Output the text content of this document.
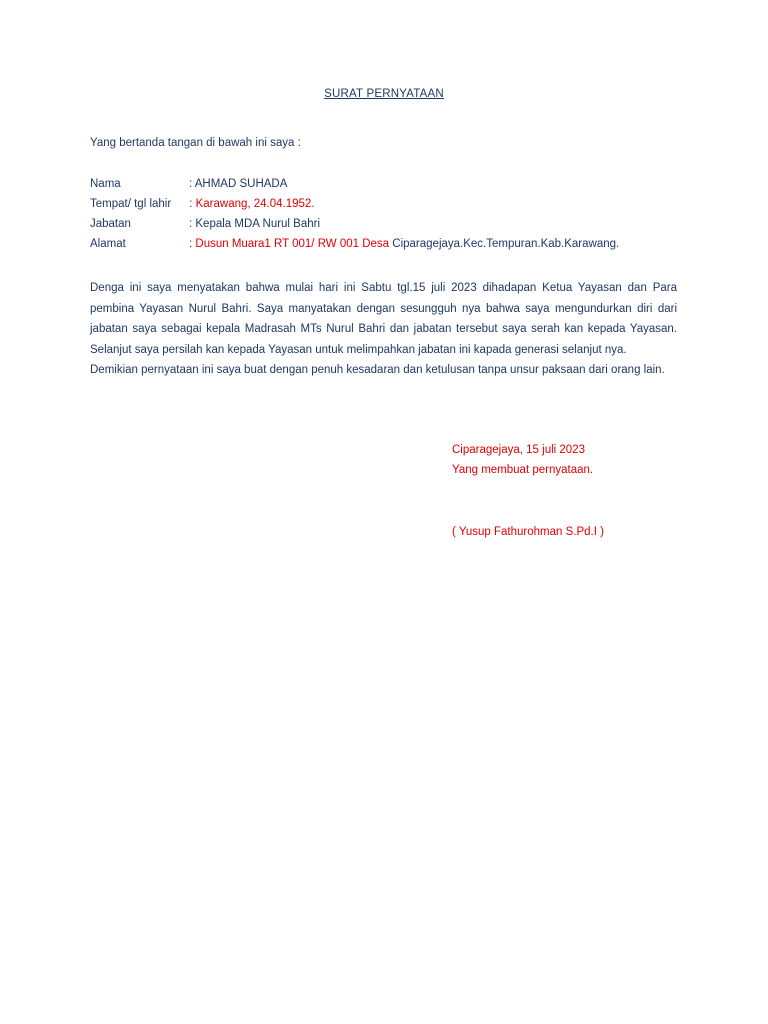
SURAT PERNYATAAN
Yang bertanda tangan di bawah ini saya :
Nama	: AHMAD SUHADA
Tempat/ tgl lahir : Karawang, 24.04.1952.
Jabatan	: Kepala MDA Nurul Bahri
Alamat	: Dusun Muara1 RT 001/ RW 001 Desa Ciparagejaya.Kec.Tempuran.Kab.Karawang.

Denga ini saya menyatakan bahwa mulai hari ini Sabtu tgl.15 juli 2023 dihadapan Ketua Yayasan dan Para pembina Yayasan Nurul Bahri. Saya manyatakan dengan sesungguh nya bahwa saya mengundurkan diri dari jabatan saya sebagai kepala Madrasah MTs Nurul Bahri dan jabatan tersebut saya serah kan kepada Yayasan. Selanjut saya persilah kan kepada Yayasan untuk melimpahkan jabatan ini kapada generasi selanjut nya.

Demikian pernyataan ini saya buat dengan penuh kesadaran dan ketulusan tanpa unsur paksaan dari orang lain.

Ciparagejaya, 15 juli 2023
Yang membuat pernyataan.
( Yusup Fathurohman S.Pd.I )
